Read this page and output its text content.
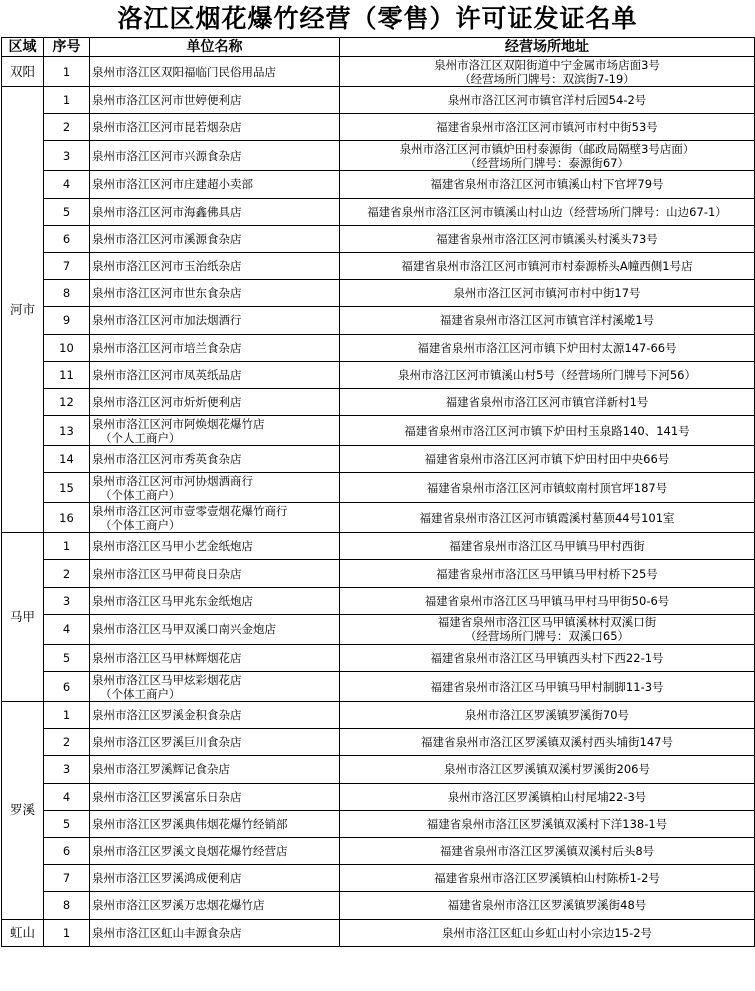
洛江区烟花爆竹经营（零售）许可证发证名单
区域	序号	单位名称	经营场所地址
双阳	1	泉州市洛江区双阳福临门民俗用品店	泉州市洛江区双阳街道中宁金属市场店面3号
（经营场所门牌号：双滨街7-19）

河市	1	泉州市洛江区河市世婷便利店	泉州市洛江区河市镇官洋村后园54-2号
	2	泉州市洛江区河市昆若烟杂店	福建省泉州市洛江区河市镇河市村中街53号
	3	泉州市洛江区河市兴源食杂店	泉州市洛江区河市镇炉田村泰源街（邮政局隔壁3号店面）
（经营场所门牌号：泰源街67）

	4	泉州市洛江区河市庄建超小卖部	福建省泉州市洛江区河市镇溪山村下官坪79号
	5	泉州市洛江区河市海鑫佛具店	福建省泉州市洛江区河市镇溪山村山边（经营场所门牌号：山边67-1）
	6	泉州市洛江区河市溪源食杂店	福建省泉州市洛江区河市镇溪头村溪头73号
	7	泉州市洛江区河市玉治纸杂店	福建省泉州市洛江区河市镇河市村泰源桥头A幢西侧1号店
	8	泉州市洛江区河市世东食杂店	泉州市洛江区河市镇河市村中街17号
	9	泉州市洛江区河市加法烟酒行	福建省泉州市洛江区河市镇官洋村溪墘1号
	10	泉州市洛江区河市培兰食杂店	福建省泉州市洛江区河市镇下炉田村太源147-66号
	11	泉州市洛江区河市凤英纸品店	泉州市洛江区河市镇溪山村5号（经营场所门牌号下河56）
	12	泉州市洛江区河市炘炘便利店	福建省泉州市洛江区河市镇官洋新村1号
	13	泉州市洛江区河市阿焕烟花爆竹店
（个人工商户）	福建省泉州市洛江区河市镇下炉田村玉泉路140、141号
	14	泉州市洛江区河市秀英食杂店	福建省泉州市洛江区河市镇下炉田村田中央66号
	15	泉州市洛江区河市河协烟酒商行
（个体工商户）	福建省泉州市洛江区河市镇蚊南村顶官坪187号
	16	泉州市洛江区河市壹零壹烟花爆竹商行
（个体工商户）	福建省泉州市洛江区河市镇霞溪村墓顶44号101室
马甲	1	泉州市洛江区马甲小艺金纸炮店	福建省泉州市洛江区马甲镇马甲村西街
	2	泉州市洛江区马甲荷良日杂店	福建省泉州市洛江区马甲镇马甲村桥下25号
	3	泉州市洛江区马甲兆东金纸炮店	福建省泉州市洛江区马甲镇马甲村马甲街50-6号
	4	泉州市洛江区马甲双溪口南兴金炮店	福建省泉州市洛江区马甲镇溪林村双溪口街
（经营场所门牌号：双溪口65）

	5	泉州市洛江区马甲林辉烟花店	福建省泉州市洛江区马甲镇西头村下西22-1号
	6	泉州市洛江区马甲炫彩烟花店
（个体工商户）	福建省泉州市洛江区马甲镇马甲村制脚11-3号
罗溪	1	泉州市洛江区罗溪金积食杂店	泉州市洛江区罗溪镇罗溪街70号
	2	泉州市洛江区罗溪巨川食杂店	福建省泉州市洛江区罗溪镇双溪村西头埔街147号
	3	泉州市洛江罗溪辉记食杂店	泉州市洛江区罗溪镇双溪村罗溪街206号
	4	泉州市洛江区罗溪富乐日杂店	泉州市洛江区罗溪镇柏山村尾埔22-3号
	5	泉州市洛江区罗溪典伟烟花爆竹经销部	福建省泉州市洛江区罗溪镇双溪村下洋138-1号
	6	泉州市洛江区罗溪文良烟花爆竹经营店	福建省泉州市洛江区罗溪镇双溪村后头8号
	7	泉州市洛江区罗溪鸿成便利店	福建省泉州市洛江区罗溪镇柏山村陈桥1-2号
	8	泉州市洛江区罗溪万忠烟花爆竹店	福建省泉州市洛江区罗溪镇罗溪街48号
虹山	1	泉州市洛江区虹山丰源食杂店	泉州市洛江区虹山乡虹山村小宗边15-2号
